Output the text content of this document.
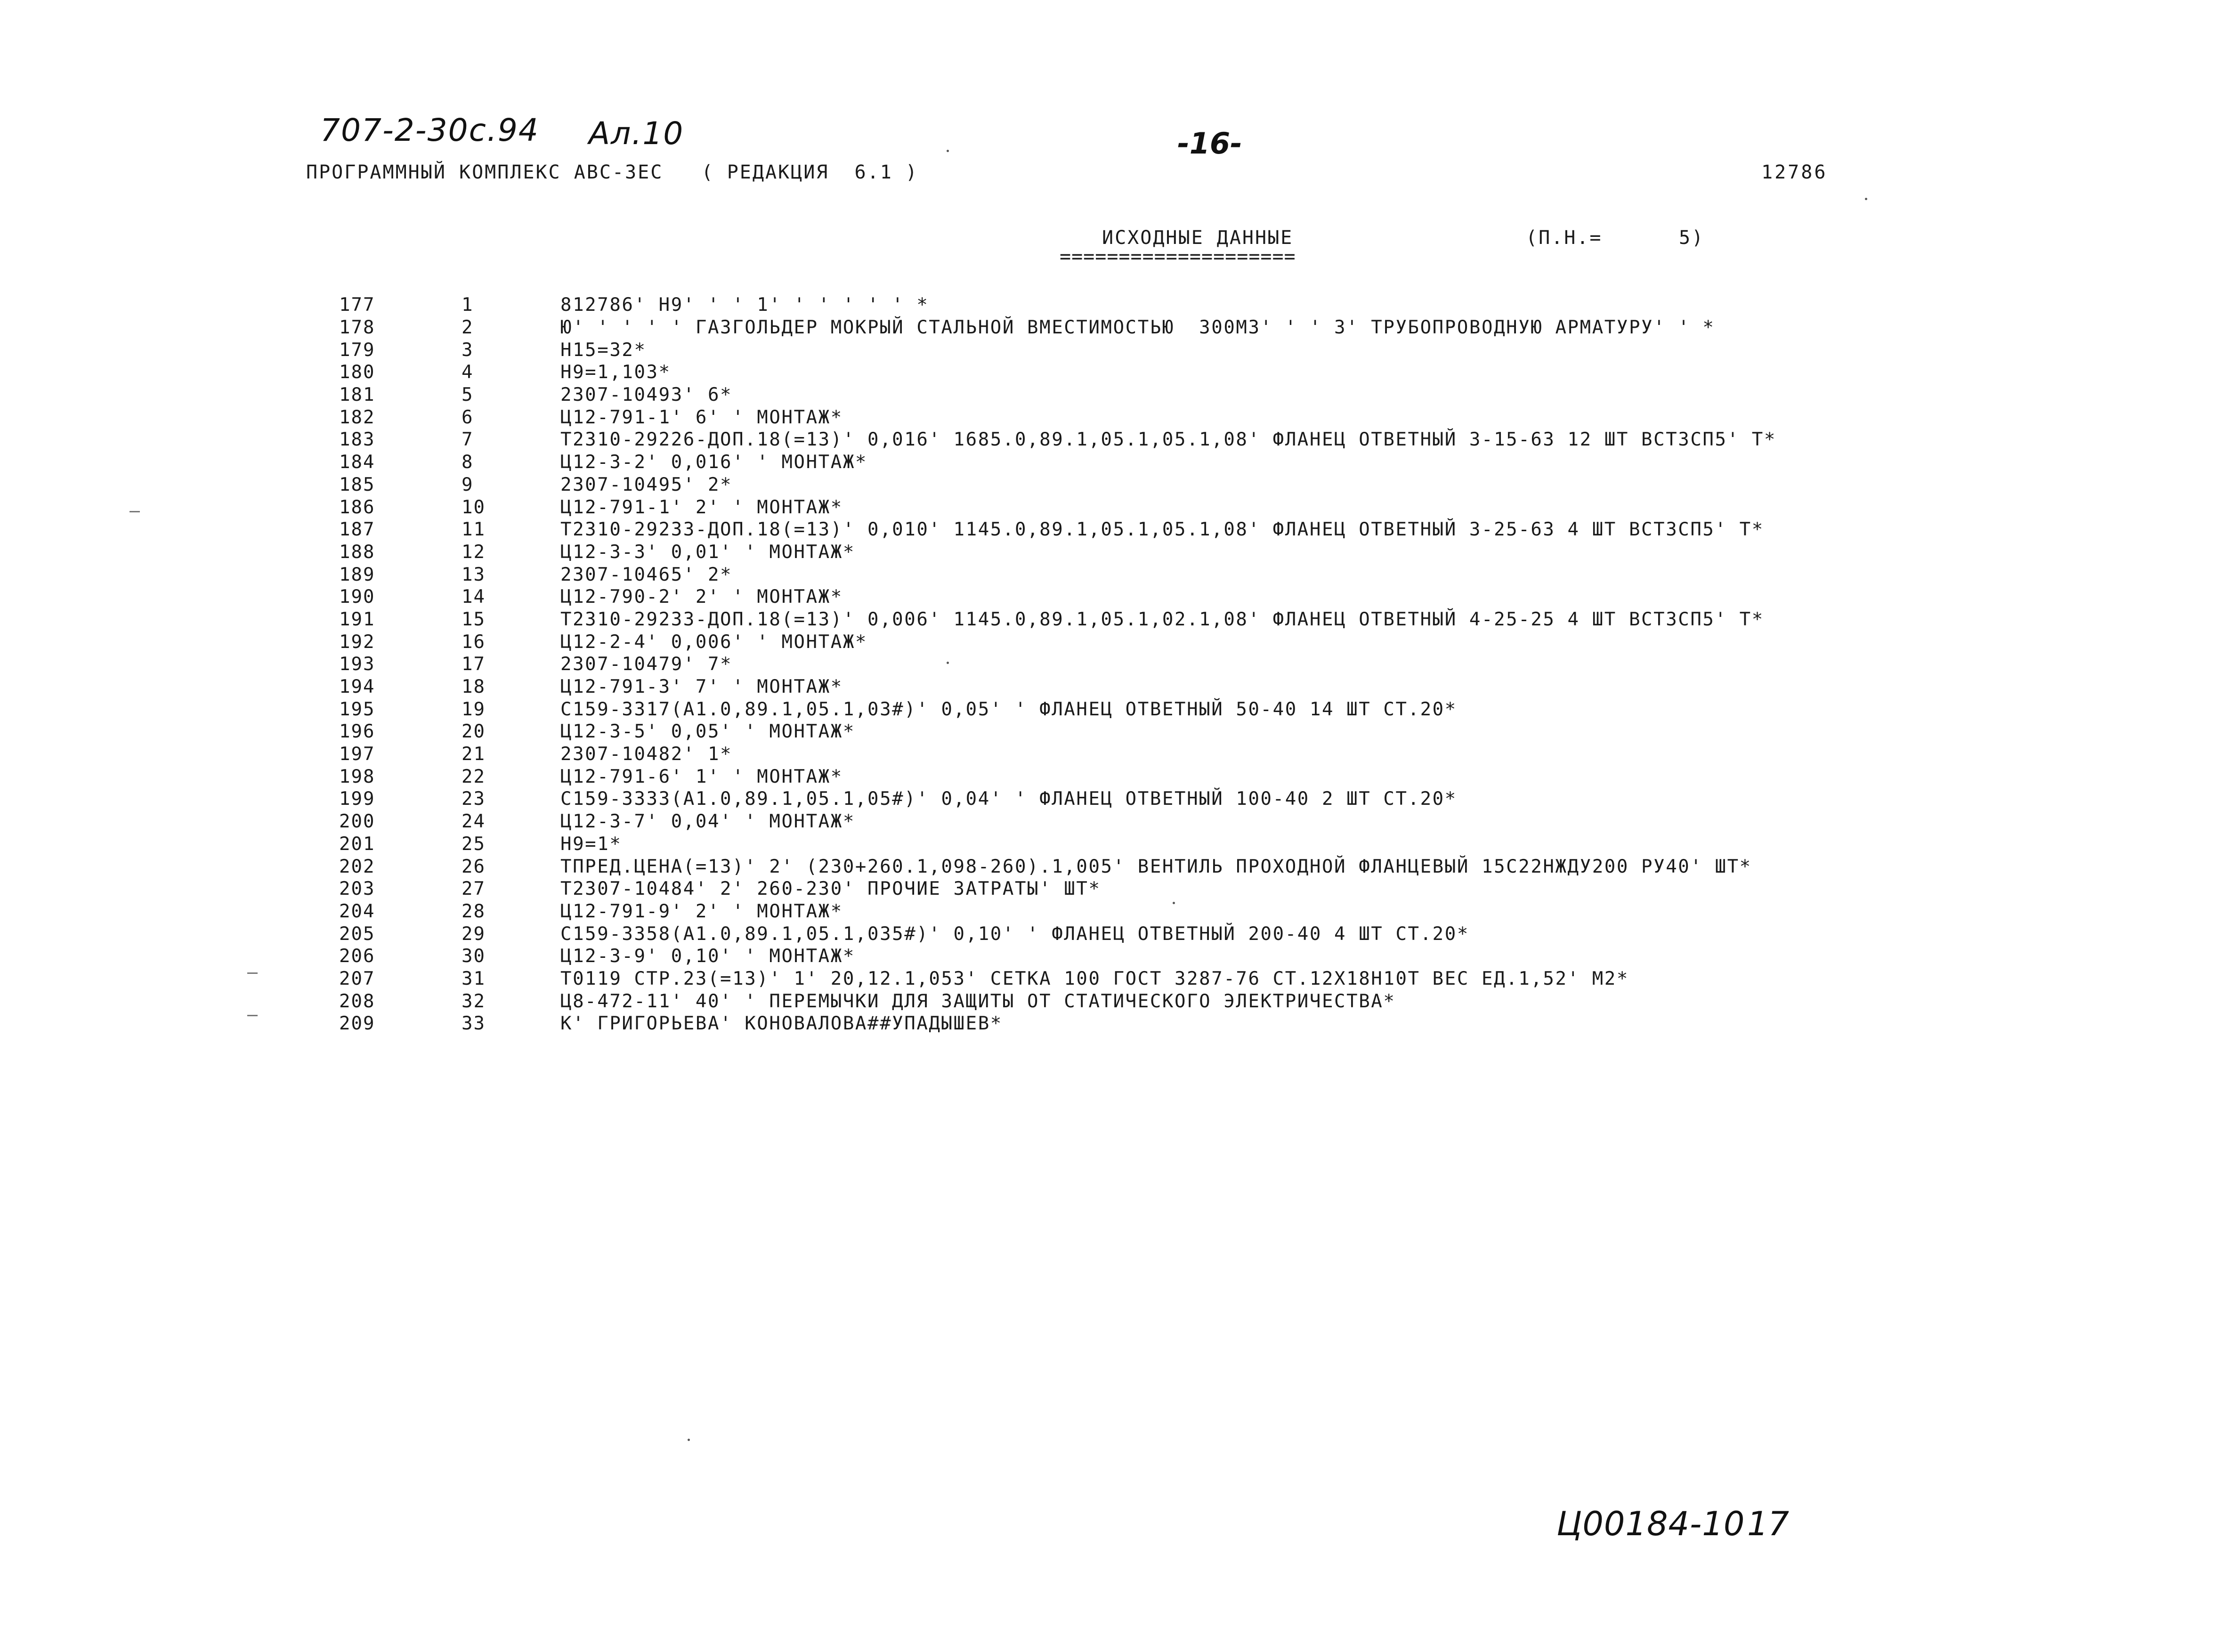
707-2-30с.94 Ал.10	-16-
ПРОГРАММНЫЙ КОМПЛЕКС АВС-3ЕС   ( РЕДАКЦИЯ  6.1 )	12786
ИСХОДНЫЕ ДАННЫЕ
====================
(П.Н.=      5)
177	1	812786' Н9' ' ' 1' ' ' ' ' ' *
178	2	Ю' ' ' ' ' ГАЗГОЛЬДЕР МОКРЫЙ СТАЛЬНОЙ ВМЕСТИМОСТЬЮ  300М3' ' ' 3' ТРУБОПРОВОДНУЮ АРМАТУРУ' ' *
179	3	Н15=32*
180	4	Н9=1,103*
181	5	2307-10493' 6*
182	6	Ц12-791-1' 6' ' МОНТАЖ*
183	7	Т2310-29226-ДОП.18(=13)' 0,016' 1685.0,89.1,05.1,05.1,08' ФЛАНЕЦ ОТВЕТНЫЙ 3-15-63 12 ШТ ВСТ3СП5' Т*
184	8	Ц12-3-2' 0,016' ' МОНТАЖ*
185	9	2307-10495' 2*
186	10	Ц12-791-1' 2' ' МОНТАЖ*
187	11	Т2310-29233-ДОП.18(=13)' 0,010' 1145.0,89.1,05.1,05.1,08' ФЛАНЕЦ ОТВЕТНЫЙ 3-25-63 4 ШТ ВСТ3СП5' Т*
188	12	Ц12-3-3' 0,01' ' МОНТАЖ*
189	13	2307-10465' 2*
190	14	Ц12-790-2' 2' ' МОНТАЖ*
191	15	Т2310-29233-ДОП.18(=13)' 0,006' 1145.0,89.1,05.1,02.1,08' ФЛАНЕЦ ОТВЕТНЫЙ 4-25-25 4 ШТ ВСТ3СП5' Т*
192	16	Ц12-2-4' 0,006' ' МОНТАЖ*
193	17	2307-10479' 7*
194	18	Ц12-791-3' 7' ' МОНТАЖ*
195	19	С159-3317(А1.0,89.1,05.1,03#)' 0,05' ' ФЛАНЕЦ ОТВЕТНЫЙ 50-40 14 ШТ СТ.20*
196	20	Ц12-3-5' 0,05' ' МОНТАЖ*
197	21	2307-10482' 1*
198	22	Ц12-791-6' 1' ' МОНТАЖ*
199	23	С159-3333(А1.0,89.1,05.1,05#)' 0,04' ' ФЛАНЕЦ ОТВЕТНЫЙ 100-40 2 ШТ СТ.20*
200	24	Ц12-3-7' 0,04' ' МОНТАЖ*
201	25	Н9=1*
202	26	ТПРЕД.ЦЕНА(=13)' 2' (230+260.1,098-260).1,005' ВЕНТИЛЬ ПРОХОДНОЙ ФЛАНЦЕВЫЙ 15С22НЖДУ200 РУ40' ШТ*
203	27	Т2307-10484' 2' 260-230' ПРОЧИЕ ЗАТРАТЫ' ШТ*
204	28	Ц12-791-9' 2' ' МОНТАЖ*
205	29	С159-3358(А1.0,89.1,05.1,035#)' 0,10' ' ФЛАНЕЦ ОТВЕТНЫЙ 200-40 4 ШТ СТ.20*
206	30	Ц12-3-9' 0,10' ' МОНТАЖ*
207	31	Т0119 СТР.23(=13)' 1' 20,12.1,053' СЕТКА 100 ГОСТ 3287-76 СТ.12Х18Н10Т ВЕС ЕД.1,52' М2*
208	32	Ц8-472-11' 40' ' ПЕРЕМЫЧКИ ДЛЯ ЗАЩИТЫ ОТ СТАТИЧЕСКОГО ЭЛЕКТРИЧЕСТВА*
209	33	К' ГРИГОРЬЕВА' КОНОВАЛОВА##УПАДЫШЕВ*
Ц00184-10 17
